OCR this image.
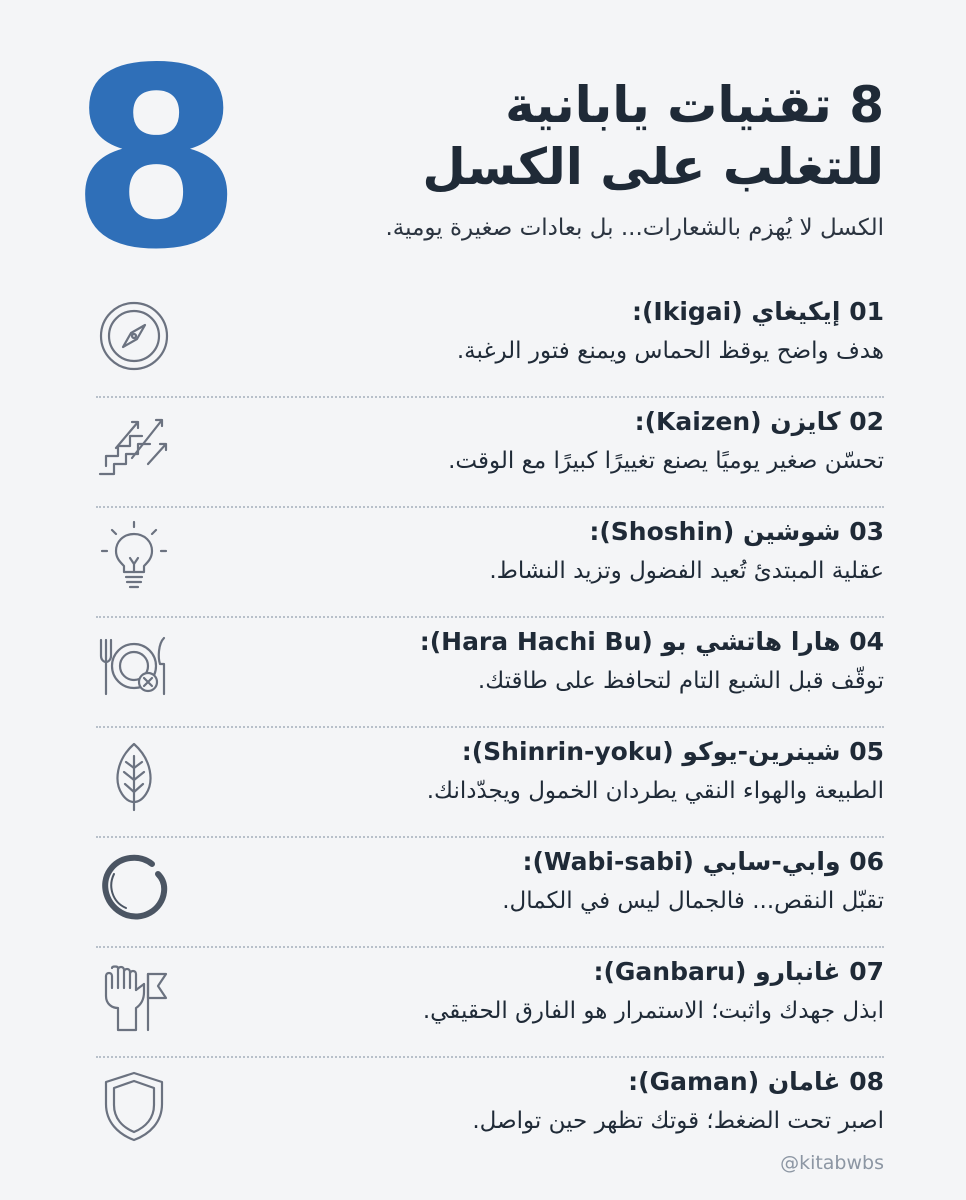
8	8 تقنيات يابانية
للتغلب على الكسل
الكسل لا يُهزم بالشعارات... بل بعادات صغيرة يومية.
01 إيكيغاي (Ikigai):
هدف واضح يوقظ الحماس ويمنع فتور الرغبة.
02 كايزن (Kaizen):
تحسّن صغير يوميًا يصنع تغييرًا كبيرًا مع الوقت.
03 شوشين (Shoshin):
عقلية المبتدئ تُعيد الفضول وتزيد النشاط.
04 هارا هاتشي بو (Hara Hachi Bu):
توقّف قبل الشبع التام لتحافظ على طاقتك.
05 شينرين-يوكو (Shinrin-yoku):
الطبيعة والهواء النقي يطردان الخمول ويجدّدانك.
06 وابي-سابي (Wabi-sabi):
تقبّل النقص... فالجمال ليس في الكمال.
07 غانبارو (Ganbaru):
ابذل جهدك واثبت؛ الاستمرار هو الفارق الحقيقي.
08 غامان (Gaman):
اصبر تحت الضغط؛ قوتك تظهر حين تواصل.
@kitabwbs
